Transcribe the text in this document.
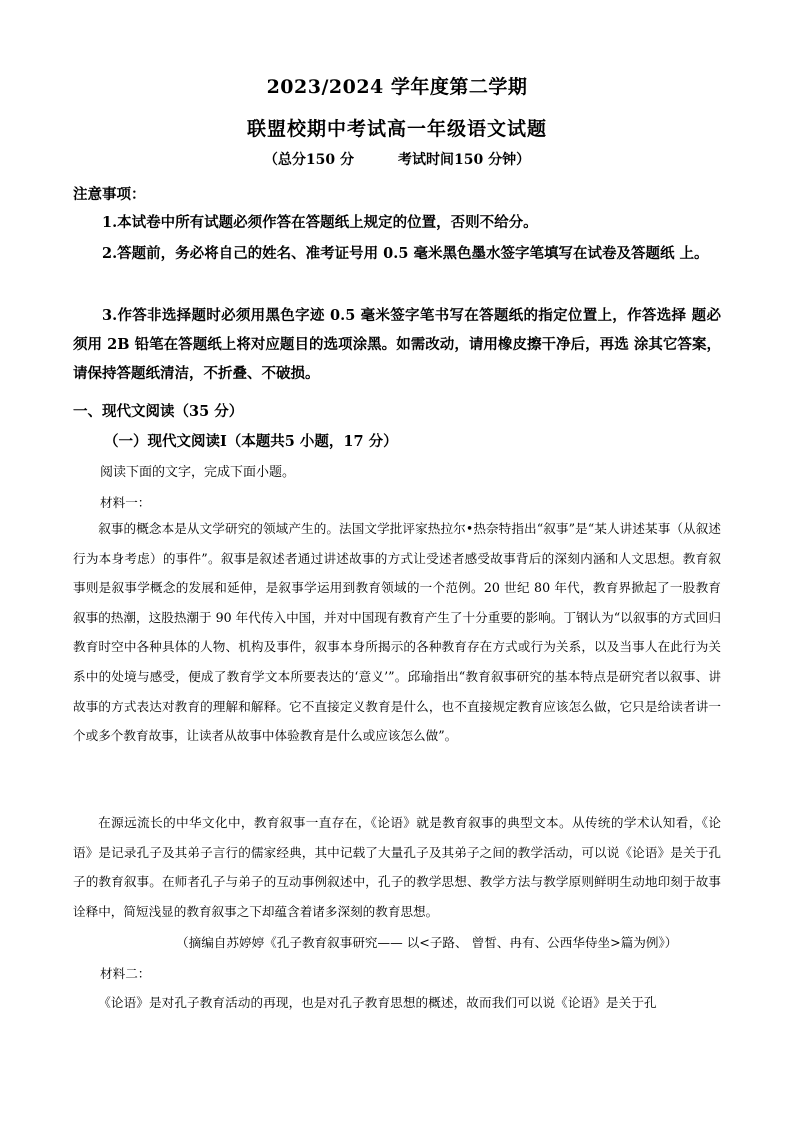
2023/2024 学年度第二学期
联盟校期中考试高一年级语文试题
（总分150 分	考试时间150 分钟）
注意事项：
1.本试卷中所有试题必须作答在答题纸上规定的位置，否则不给分。
2.答题前，务必将自己的姓名、准考证号用 0.5 毫米黑色墨水签字笔填写在试卷及答题纸 上。
3.作答非选择题时必须用黑色字迹 0.5 毫米签字笔书写在答题纸的指定位置上，作答选择 题必须用 2B 铅笔在答题纸上将对应题目的选项涂黑。如需改动，请用橡皮擦干净后，再选 涂其它答案，请保持答题纸清洁，不折叠、不破损。
一、现代文阅读（35 分）
（一）现代文阅读Ⅰ（本题共5 小题，17 分）
阅读下面的文字，完成下面小题。
材料一：
叙事的概念本是从文学研究的领域产生的。法国文学批评家热拉尔•热奈特指出“叙事”是“某人讲述某事（从叙述行为本身考虑）的事件”。叙事是叙述者通过讲述故事的方式让受述者感受故事背后的深刻内涵和人文思想。教育叙事则是叙事学概念的发展和延伸，是叙事学运用到教育领域的一个范例。20 世纪 80 年代，教育界掀起了一股教育叙事的热潮，这股热潮于 90 年代传入中国，并对中国现有教育产生了十分重要的影响。丁钢认为“以叙事的方式回归教育时空中各种具体的人物、机构及事件，叙事本身所揭示的各种教育存在方式或行为关系，以及当事人在此行为关系中的处境与感受，便成了教育学文本所要表达的‘意义’”。邱瑜指出“教育叙事研究的基本特点是研究者以叙事、讲故事的方式表达对教育的理解和解释。它不直接定义教育是什么，也不直接规定教育应该怎么做，它只是给读者讲一个或多个教育故事，让读者从故事中体验教育是什么或应该怎么做”。
在源远流长的中华文化中，教育叙事一直存在，《论语》就是教育叙事的典型文本。从传统的学术认知看，《论语》是记录孔子及其弟子言行的儒家经典，其中记载了大量孔子及其弟子之间的教学活动，可以说《论语》是关于孔子的教育叙事。在师者孔子与弟子的互动事例叙述中，孔子的教学思想、教学方法与教学原则鲜明生动地印刻于故事诠释中，简短浅显的教育叙事之下却蕴含着诸多深刻的教育思想。
（摘编自苏婷婷《孔子教育叙事研究—— 以<子路、 曾皙、冉有、公西华侍坐>篇为例》）
材料二：
《论语》是对孔子教育活动的再现，也是对孔子教育思想的概述，故而我们可以说《论语》是关于孔
